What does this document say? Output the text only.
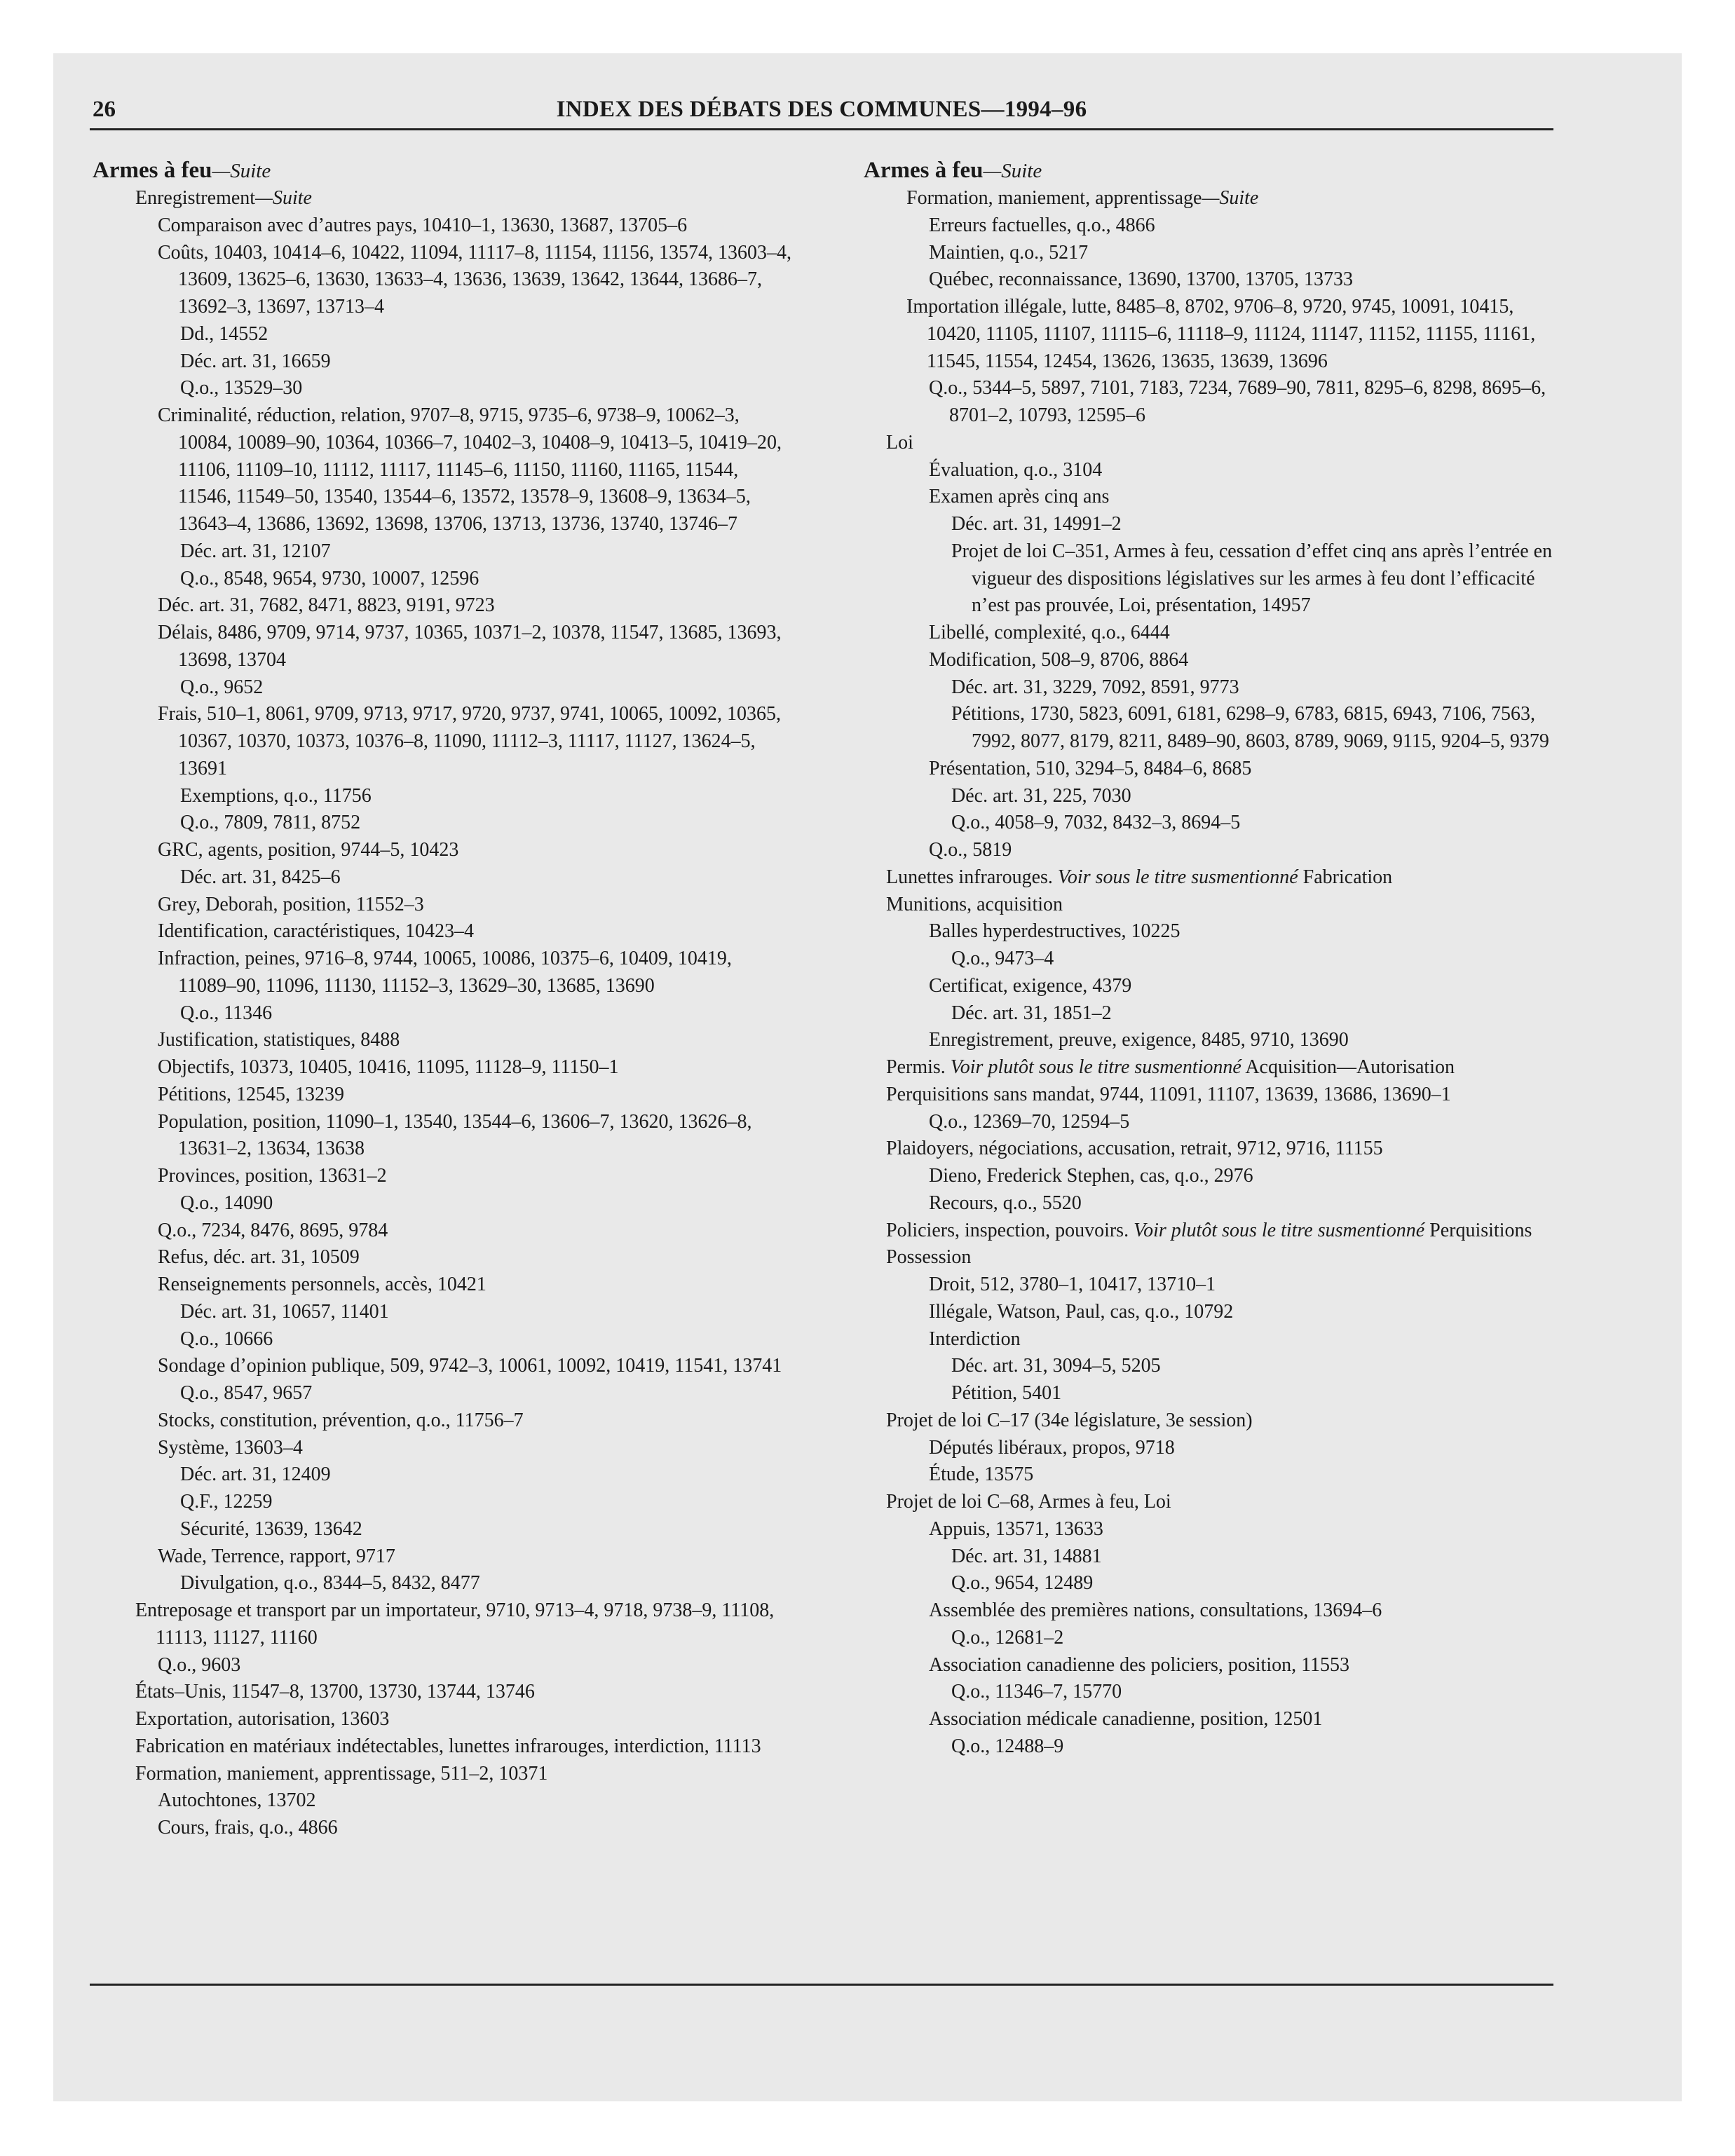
26	INDEX DES DÉBATS DES COMMUNES—1994–96
Armes à feu—Suite

Enregistrement—Suite

Comparaison avec d’autres pays, 10410–1, 13630, 13687, 13705–6

Coûts, 10403, 10414–6, 10422, 11094, 11117–8, 11154, 11156, 13574, 13603–4, 13609, 13625–6, 13630, 13633–4, 13636, 13639, 13642, 13644, 13686–7, 13692–3, 13697, 13713–4

Dd., 14552

Déc. art. 31, 16659

Q.o., 13529–30

Criminalité, réduction, relation, 9707–8, 9715, 9735–6, 9738–9, 10062–3, 10084, 10089–90, 10364, 10366–7, 10402–3, 10408–9, 10413–5, 10419–20, 11106, 11109–10, 11112, 11117, 11145–6, 11150, 11160, 11165, 11544, 11546, 11549–50, 13540, 13544–6, 13572, 13578–9, 13608–9, 13634–5, 13643–4, 13686, 13692, 13698, 13706, 13713, 13736, 13740, 13746–7

Déc. art. 31, 12107

Q.o., 8548, 9654, 9730, 10007, 12596

Déc. art. 31, 7682, 8471, 8823, 9191, 9723

Délais, 8486, 9709, 9714, 9737, 10365, 10371–2, 10378, 11547, 13685, 13693, 13698, 13704

Q.o., 9652

Frais, 510–1, 8061, 9709, 9713, 9717, 9720, 9737, 9741, 10065, 10092, 10365, 10367, 10370, 10373, 10376–8, 11090, 11112–3, 11117, 11127, 13624–5, 13691

Exemptions, q.o., 11756

Q.o., 7809, 7811, 8752

GRC, agents, position, 9744–5, 10423

Déc. art. 31, 8425–6

Grey, Deborah, position, 11552–3

Identification, caractéristiques, 10423–4

Infraction, peines, 9716–8, 9744, 10065, 10086, 10375–6, 10409, 10419, 11089–90, 11096, 11130, 11152–3, 13629–30, 13685, 13690

Q.o., 11346

Justification, statistiques, 8488

Objectifs, 10373, 10405, 10416, 11095, 11128–9, 11150–1

Pétitions, 12545, 13239

Population, position, 11090–1, 13540, 13544–6, 13606–7, 13620, 13626–8, 13631–2, 13634, 13638

Provinces, position, 13631–2

Q.o., 14090

Q.o., 7234, 8476, 8695, 9784

Refus, déc. art. 31, 10509

Renseignements personnels, accès, 10421

Déc. art. 31, 10657, 11401

Q.o., 10666

Sondage d’opinion publique, 509, 9742–3, 10061, 10092, 10419, 11541, 13741

Q.o., 8547, 9657

Stocks, constitution, prévention, q.o., 11756–7

Système, 13603–4

Déc. art. 31, 12409

Q.F., 12259

Sécurité, 13639, 13642

Wade, Terrence, rapport, 9717

Divulgation, q.o., 8344–5, 8432, 8477

Entreposage et transport par un importateur, 9710, 9713–4, 9718, 9738–9, 11108, 11113, 11127, 11160

Q.o., 9603

États–Unis, 11547–8, 13700, 13730, 13744, 13746

Exportation, autorisation, 13603

Fabrication en matériaux indétectables, lunettes infrarouges, interdiction, 11113

Formation, maniement, apprentissage, 511–2, 10371

Autochtones, 13702

Cours, frais, q.o., 4866

Armes à feu—Suite

Formation, maniement, apprentissage—Suite

Erreurs factuelles, q.o., 4866

Maintien, q.o., 5217

Québec, reconnaissance, 13690, 13700, 13705, 13733

Importation illégale, lutte, 8485–8, 8702, 9706–8, 9720, 9745, 10091, 10415, 10420, 11105, 11107, 11115–6, 11118–9, 11124, 11147, 11152, 11155, 11161, 11545, 11554, 12454, 13626, 13635, 13639, 13696

Q.o., 5344–5, 5897, 7101, 7183, 7234, 7689–90, 7811, 8295–6, 8298, 8695–6, 8701–2, 10793, 12595–6

Loi

Évaluation, q.o., 3104

Examen après cinq ans

Déc. art. 31, 14991–2

Projet de loi C–351, Armes à feu, cessation d’effet cinq ans après l’entrée en vigueur des dispositions législatives sur les armes à feu dont l’efficacité n’est pas prouvée, Loi, présentation, 14957

Libellé, complexité, q.o., 6444

Modification, 508–9, 8706, 8864

Déc. art. 31, 3229, 7092, 8591, 9773

Pétitions, 1730, 5823, 6091, 6181, 6298–9, 6783, 6815, 6943, 7106, 7563, 7992, 8077, 8179, 8211, 8489–90, 8603, 8789, 9069, 9115, 9204–5, 9379

Présentation, 510, 3294–5, 8484–6, 8685

Déc. art. 31, 225, 7030

Q.o., 4058–9, 7032, 8432–3, 8694–5

Q.o., 5819

Lunettes infrarouges. Voir sous le titre susmentionné Fabrication

Munitions, acquisition

Balles hyperdestructives, 10225

Q.o., 9473–4

Certificat, exigence, 4379

Déc. art. 31, 1851–2

Enregistrement, preuve, exigence, 8485, 9710, 13690

Permis. Voir plutôt sous le titre susmentionné Acquisition—Autorisation

Perquisitions sans mandat, 9744, 11091, 11107, 13639, 13686, 13690–1

Q.o., 12369–70, 12594–5

Plaidoyers, négociations, accusation, retrait, 9712, 9716, 11155

Dieno, Frederick Stephen, cas, q.o., 2976

Recours, q.o., 5520

Policiers, inspection, pouvoirs. Voir plutôt sous le titre susmentionné Perquisitions

Possession

Droit, 512, 3780–1, 10417, 13710–1

Illégale, Watson, Paul, cas, q.o., 10792

Interdiction

Déc. art. 31, 3094–5, 5205

Pétition, 5401

Projet de loi C–17 (34e législature, 3e session)

Députés libéraux, propos, 9718

Étude, 13575

Projet de loi C–68, Armes à feu, Loi

Appuis, 13571, 13633

Déc. art. 31, 14881

Q.o., 9654, 12489

Assemblée des premières nations, consultations, 13694–6

Q.o., 12681–2

Association canadienne des policiers, position, 11553

Q.o., 11346–7, 15770

Association médicale canadienne, position, 12501

Q.o., 12488–9
